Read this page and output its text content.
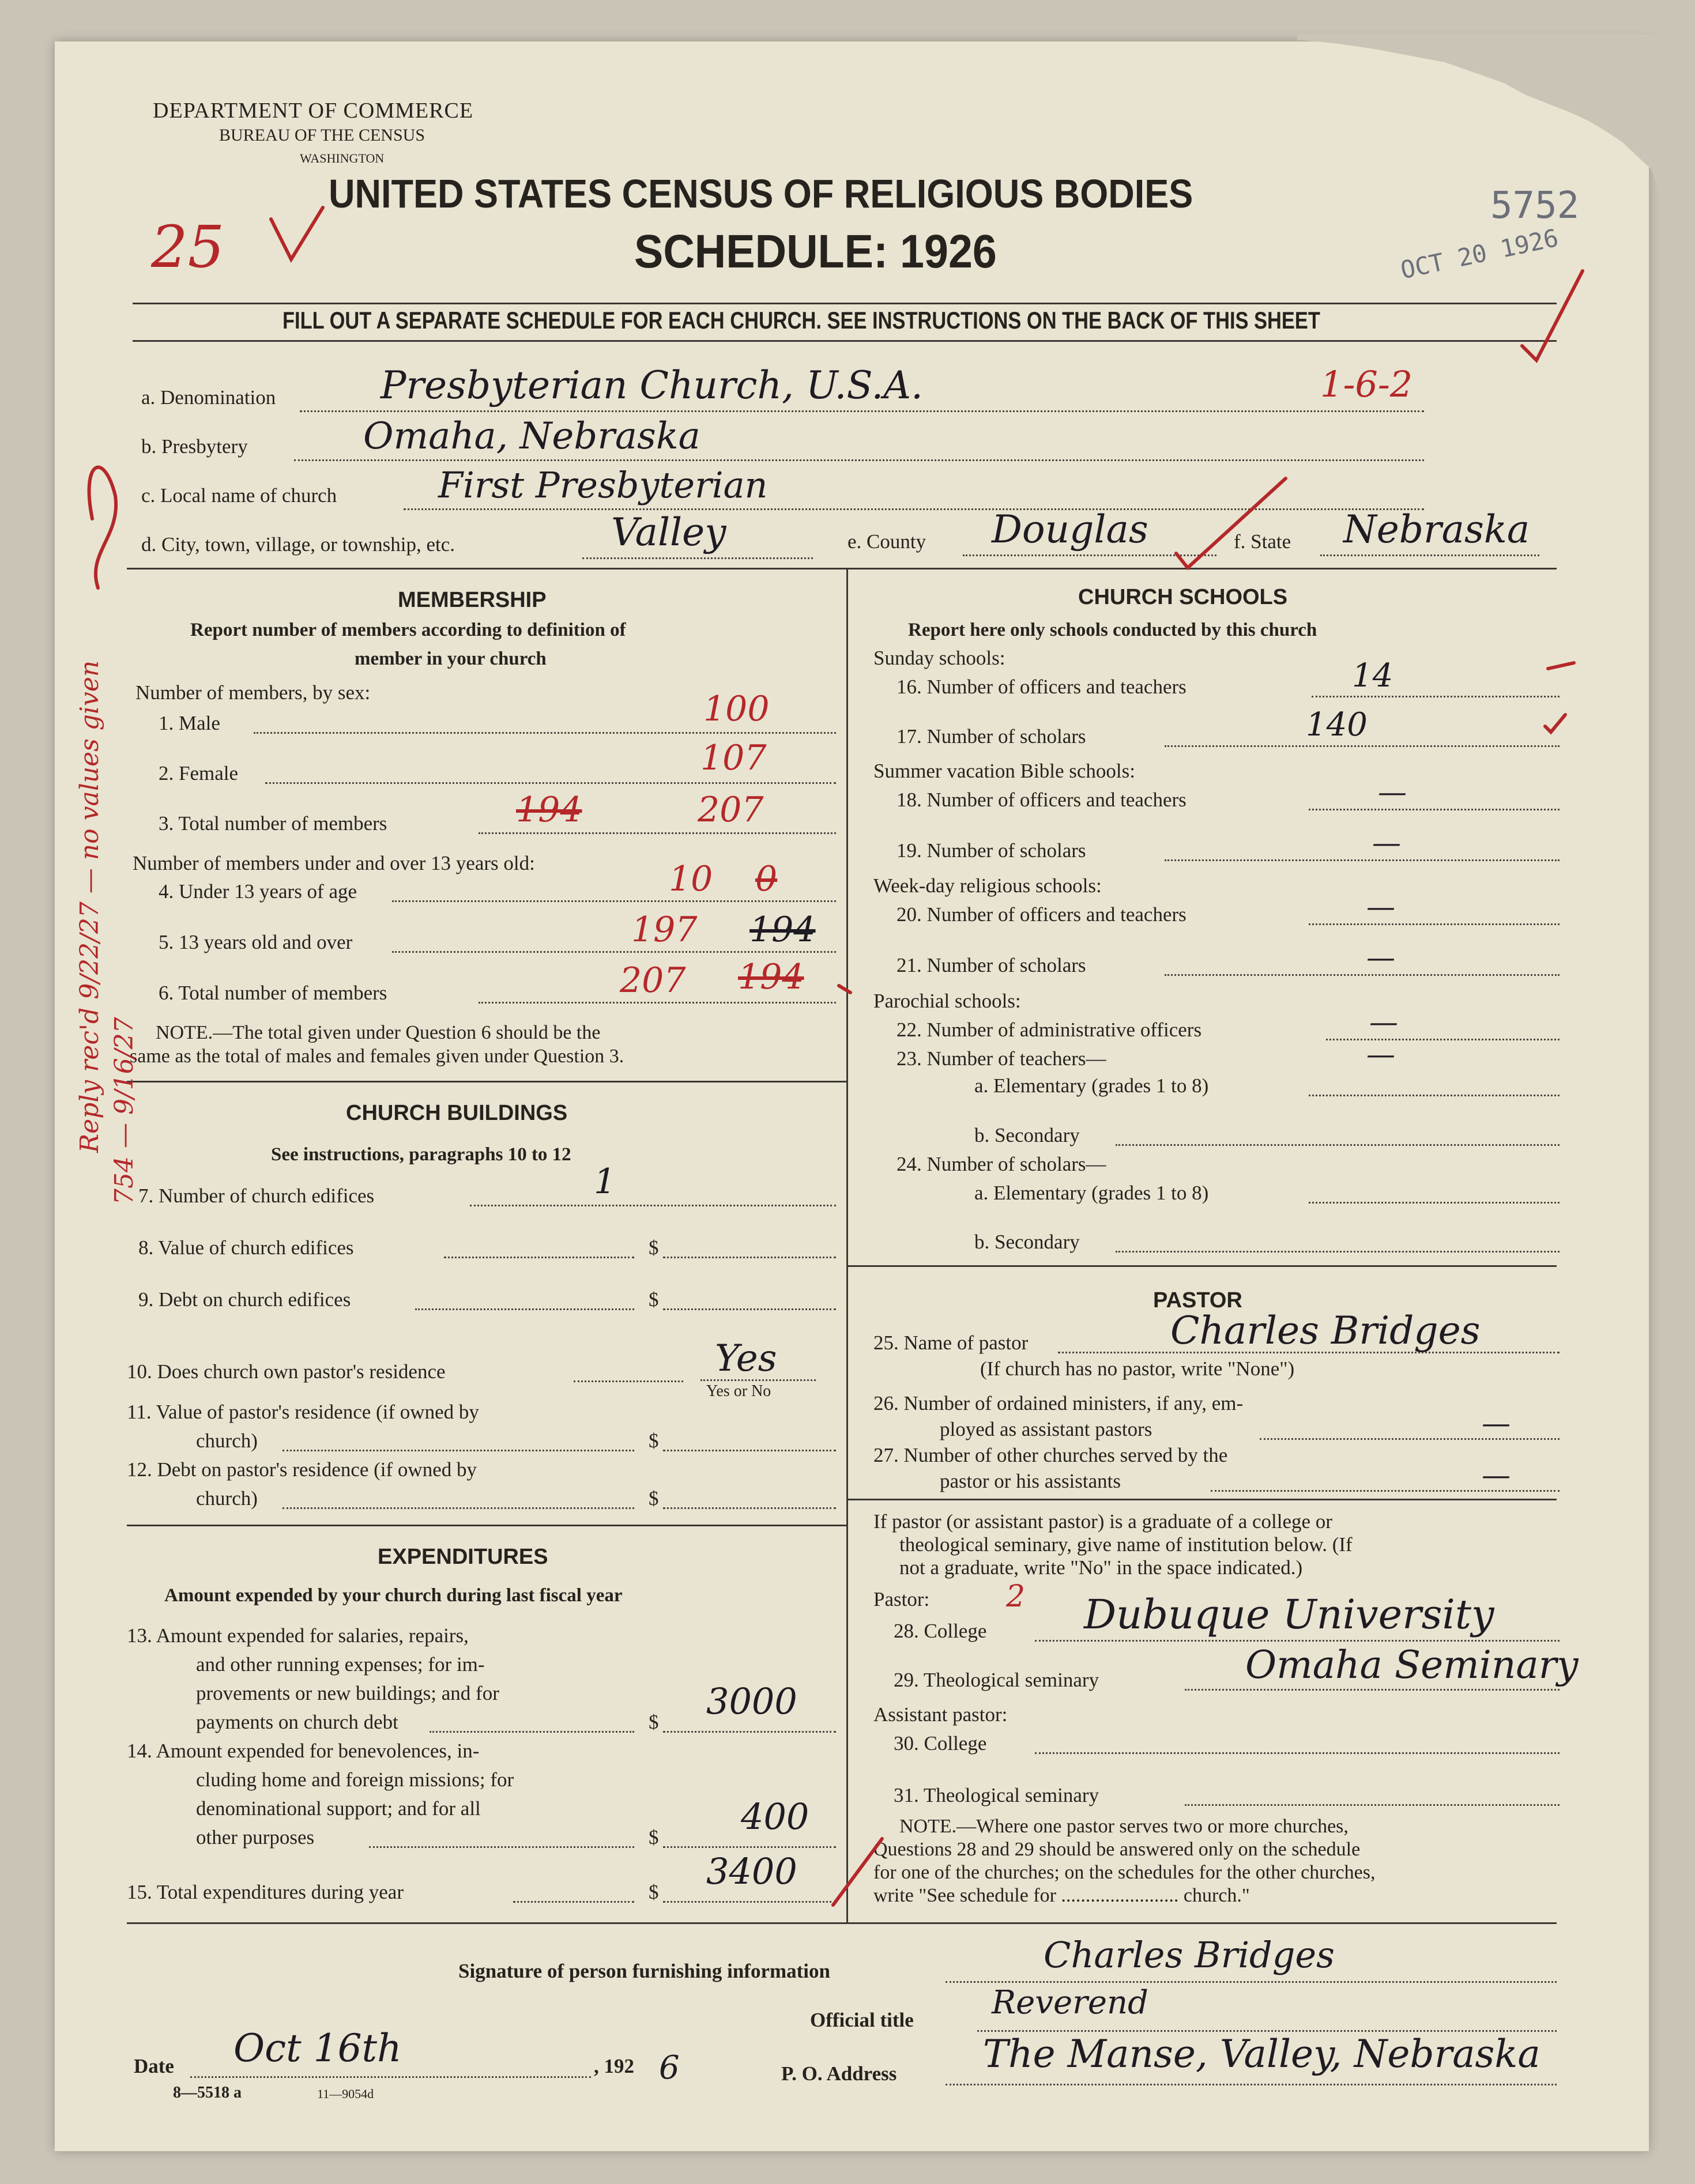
DEPARTMENT OF COMMERCE
BUREAU OF THE CENSUS
WASHINGTON
UNITED STATES CENSUS OF RELIGIOUS BODIES
SCHEDULE: 1926
25
5752
OCT 20 1926
FILL OUT A SEPARATE SCHEDULE FOR EACH CHURCH. SEE INSTRUCTIONS ON THE BACK OF THIS SHEET
a. Denomination	Presbyterian Church, U.S.A.	1-6-2
b. Presbytery	Omaha, Nebraska
c. Local name of church	First Presbyterian
d. City, town, village, or township, etc.	Valley	e. County Douglas	f. State Nebraska
MEMBERSHIP
Report number of members according to definition of
member in your church
Number of members, by sex:
1. Male	100
2. Female	107
3. Total number of members	194	207
Number of members under and over 13 years old:
4. Under 13 years of age	10 0
5. 13 years old and over	197 194
6. Total number of members	207 194
NOTE.—The total given under Question 6 should be the
same as the total of males and females given under Question 3.
CHURCH BUILDINGS
See instructions, paragraphs 10 to 12
7. Number of church edifices	1
8. Value of church edifices	$
9. Debt on church edifices	$
10. Does church own pastor's residence	Yes
Yes or No
11. Value of pastor's residence (if owned by
church)	$
12. Debt on pastor's residence (if owned by
church)	$
EXPENDITURES
Amount expended by your church during last fiscal year
13. Amount expended for salaries, repairs,
and other running expenses; for im-
provements or new buildings; and for
payments on church debt	$ 3000
14. Amount expended for benevolences, in-
cluding home and foreign missions; for
denominational support; and for all
other purposes	$ 400
15. Total expenditures during year	$ 3400
CHURCH SCHOOLS
Report here only schools conducted by this church
Sunday schools:
16. Number of officers and teachers	14
17. Number of scholars	140
Summer vacation Bible schools:
18. Number of officers and teachers	—
19. Number of scholars	—
Week-day religious schools:
20. Number of officers and teachers	—
21. Number of scholars	—
Parochial schools:
22. Number of administrative officers	—
23. Number of teachers—	—
a. Elementary (grades 1 to 8)
b. Secondary
24. Number of scholars—
a. Elementary (grades 1 to 8)
b. Secondary
PASTOR
25. Name of pastor	Charles Bridges
(If church has no pastor, write "None")
26. Number of ordained ministers, if any, em-
ployed as assistant pastors	—
27. Number of other churches served by the
pastor or his assistants	—
If pastor (or assistant pastor) is a graduate of a college or
theological seminary, give name of institution below. (If
not a graduate, write "No" in the space indicated.)
Pastor:	2
28. College Dubuque University
29. Theological seminary	Omaha Seminary
Assistant pastor:
30. College
31. Theological seminary
NOTE.—Where one pastor serves two or more churches,
Questions 28 and 29 should be answered only on the schedule
for one of the churches; on the schedules for the other churches,
write "See schedule for ........................ church."
Signature of person furnishing information	Charles Bridges
Official title Reverend
Date Oct 16th	, 192 6	P. O. Address The Manse, Valley, Nebraska
8—5518 a	11—9054d
Reply rec'd 9/22/27 — no values given 754 — 9/16/27
